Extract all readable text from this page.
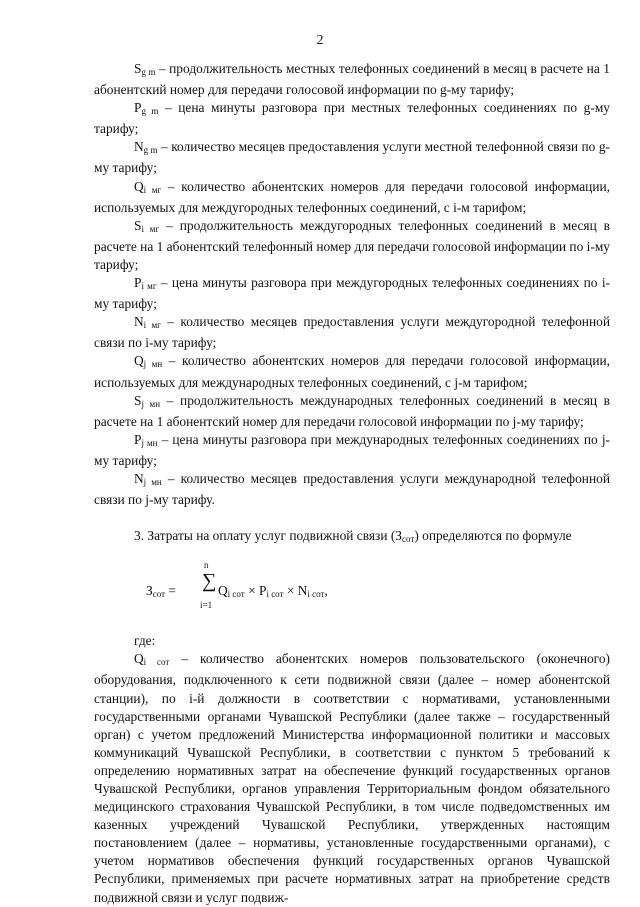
2

$S_{g m}$ – продолжительность местных телефонных соединений в месяц в расчете на 1 абонентский номер для передачи голосовой информации по g-му тарифу;

$P_{g m}$ – цена минуты разговора при местных телефонных соединениях по g-му тарифу;

$N_{g m}$ – количество месяцев предоставления услуги местной телефонной связи по g-му тарифу;

$Q_{i мг}$ – количество абонентских номеров для передачи голосовой информации, используемых для междугородных телефонных соединений, с i-м тарифом;

$S_{i мг}$ – продолжительность междугородных телефонных соединений в месяц в расчете на 1 абонентский телефонный номер для передачи голосовой информации по i-му тарифу;

$P_{i мг}$ – цена минуты разговора при междугородных телефонных соединениях по i-му тарифу;

$N_{i мг}$ – количество месяцев предоставления услуги междугородной телефонной связи по i-му тарифу;

$Q_{j мн}$ – количество абонентских номеров для передачи голосовой информации, используемых для международных телефонных соединений, с j-м тарифом;

$S_{j мн}$ – продолжительность международных телефонных соединений в месяц в расчете на 1 абонентский номер для передачи голосовой информации по j-му тарифу;

$P_{j мн}$ – цена минуты разговора при международных телефонных соединениях по j-му тарифу;

$N_{j мн}$ – количество месяцев предоставления услуги международной телефонной связи по j-му тарифу.

3. Затраты на оплату услуг подвижной связи $(З_{сот})$ определяются по формуле

$З_{сот}$ =
n
∑
i=1
$Q_{i сот} \times P_{i сот} \times N_{i сот}$,

где:

$Q_{i сот}$ – количество абонентских номеров пользовательского (оконечного) оборудования, подключенного к сети подвижной связи (далее – номер абонентской станции), по i-й должности в соответствии с нормативами, установленными государственными органами Чувашской Республики (далее также – государственный орган) с учетом предложений Министерства информационной политики и массовых коммуникаций Чувашской Республики, в соответствии с пунктом 5 требований к определению нормативных затрат на обеспечение функций государственных органов Чувашской Республики, органов управления Территориальным фондом обязательного медицинского страхования Чувашской Республики, в том числе подведомственных им казенных учреждений Чувашской Республики, утвержденных настоящим постановлением (далее – нормативы, установленные государственными органами), с учетом нормативов обеспечения функций государственных органов Чувашской Республики, применяемых при расчете нормативных затрат на приобретение средств подвижной связи и услуг подвиж-
